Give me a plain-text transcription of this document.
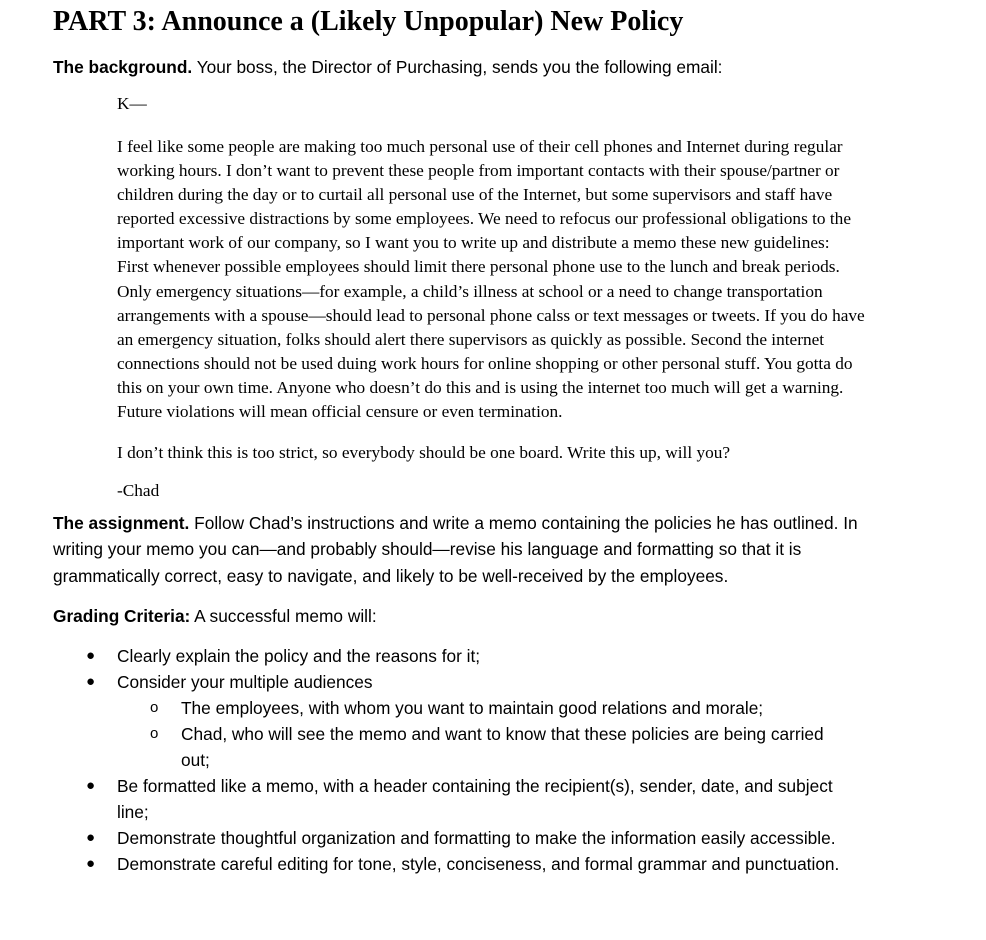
PART 3: Announce a (Likely Unpopular) New Policy

The background. Your boss, the Director of Purchasing, sends you the following email:

K—

I feel like some people are making too much personal use of their cell phones and Internet during regular
working hours. I don’t want to prevent these people from important contacts with their spouse/partner or
children during the day or to curtail all personal use of the Internet, but some supervisors and staff have
reported excessive distractions by some employees. We need to refocus our professional obligations to the
important work of our company, so I want you to write up and distribute a memo these new guidelines:
First whenever possible employees should limit there personal phone use to the lunch and break periods.
Only emergency situations—for example, a child’s illness at school or a need to change transportation
arrangements with a spouse—should lead to personal phone calss or text messages or tweets. If you do have
an emergency situation, folks should alert there supervisors as quickly as possible. Second the internet
connections should not be used duing work hours for online shopping or other personal stuff. You gotta do
this on your own time. Anyone who doesn’t do this and is using the internet too much will get a warning.
Future violations will mean official censure or even termination.

I don’t think this is too strict, so everybody should be one board. Write this up, will you?

-Chad

The assignment. Follow Chad’s instructions and write a memo containing the policies he has outlined. In
writing your memo you can—and probably should—revise his language and formatting so that it is
grammatically correct, easy to navigate, and likely to be well-received by the employees.

Grading Criteria: A successful memo will:

● Clearly explain the policy and the reasons for it;
● Consider your multiple audiences
o The employees, with whom you want to maintain good relations and morale;
o Chad, who will see the memo and want to know that these policies are being carried
out;
● Be formatted like a memo, with a header containing the recipient(s), sender, date, and subject
line;
● Demonstrate thoughtful organization and formatting to make the information easily accessible.
● Demonstrate careful editing for tone, style, conciseness, and formal grammar and punctuation.
